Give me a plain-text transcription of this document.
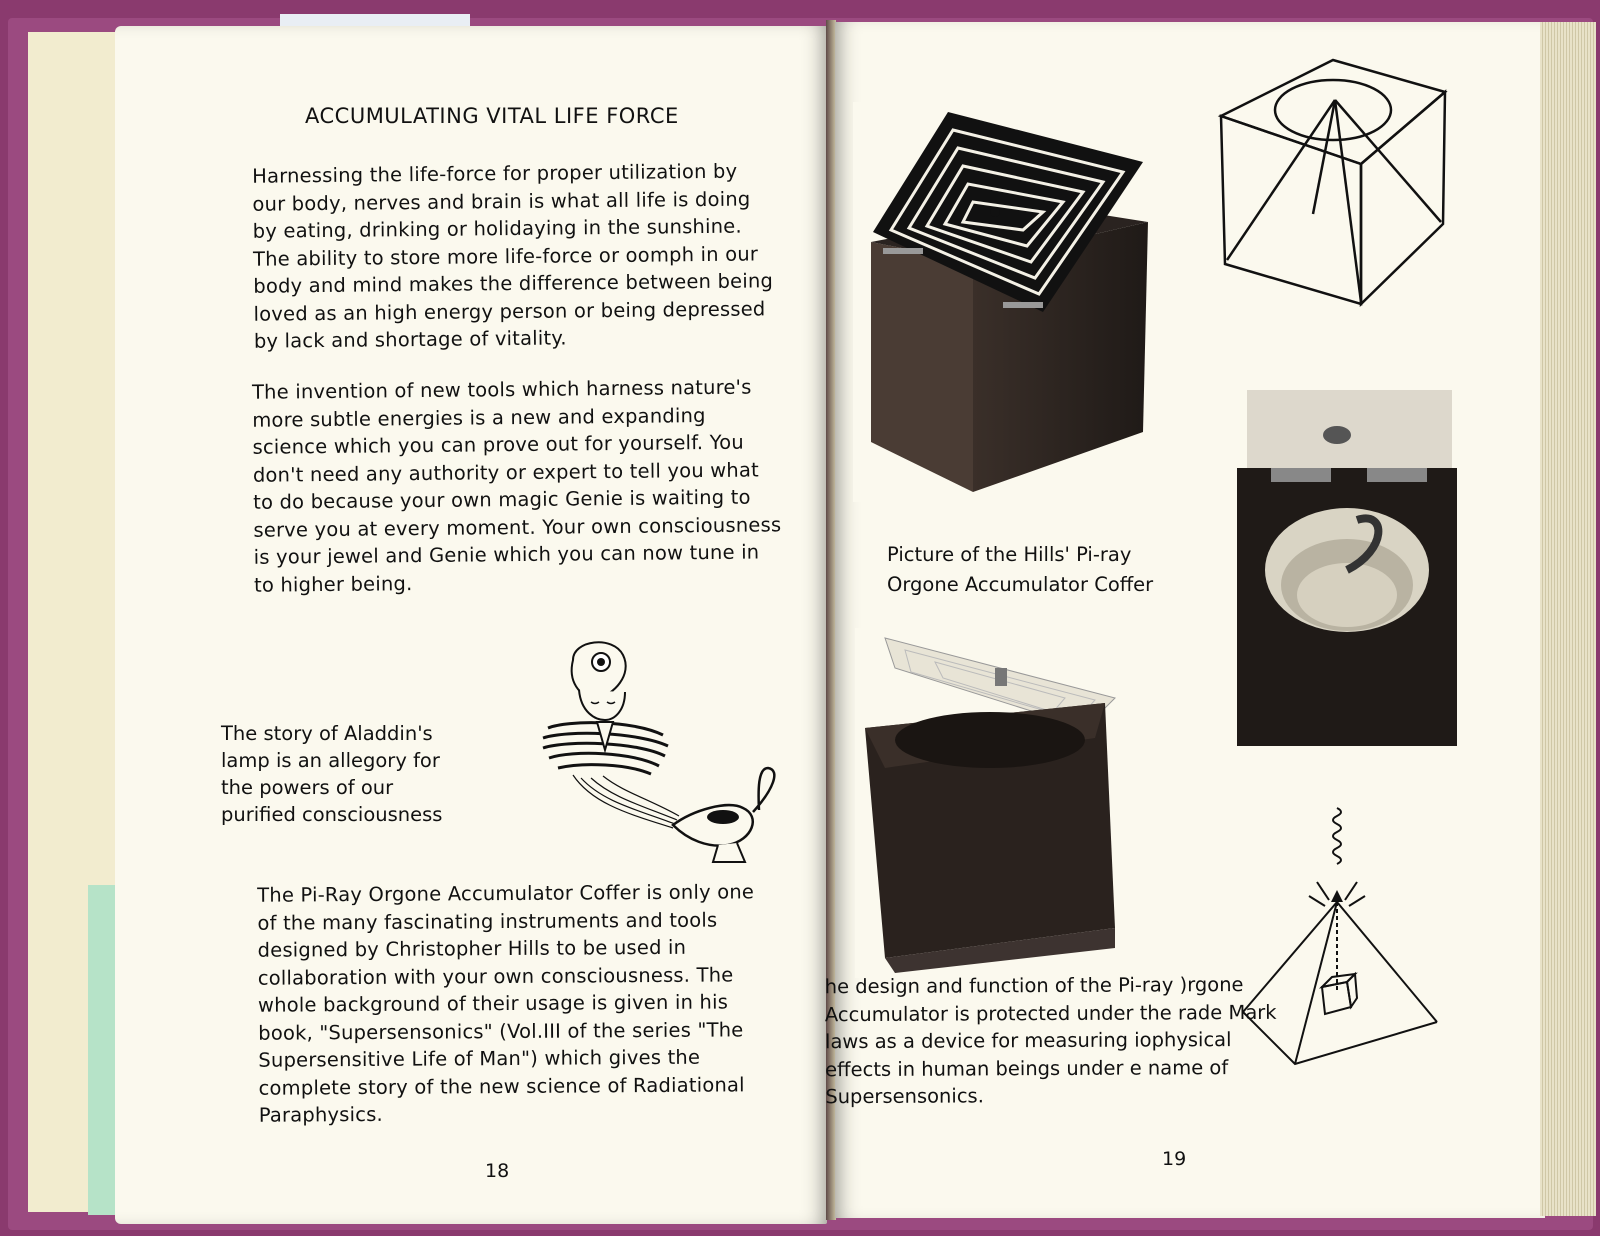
ACCUMULATING VITAL LIFE FORCE

Harnessing the life-force for proper utilization by our body, nerves and brain is what all life is doing by eating, drinking or holidaying in the sunshine. The ability to store more life-force or oomph in our body and mind makes the difference between being loved as an high energy person or being depressed by lack and shortage of vitality.

The invention of new tools which harness nature's more subtle energies is a new and expanding science which you can prove out for yourself. You don't need any authority or expert to tell you what to do because your own magic Genie is waiting to serve you at every moment. Your own consciousness is your jewel and Genie which you can now tune in to higher being.

The story of Aladdin's lamp is an allegory for the powers of our purified consciousness

The Pi-Ray Orgone Accumulator Coffer is only one of the many fascinating instruments and tools designed by Christopher Hills to be used in collaboration with your own consciousness. The whole background of their usage is given in his book, "Supersensonics" (Vol.III of the series "The Supersensitive Life of Man") which gives the complete story of the new science of Radiational Paraphysics.

18

Picture of the Hills' Pi-ray Orgone Accumulator Coffer

he design and function of the Pi-ray )rgone Accumulator is protected under the rade Mark laws as a device for measuring iophysical effects in human beings under e name of Supersensonics.

19
